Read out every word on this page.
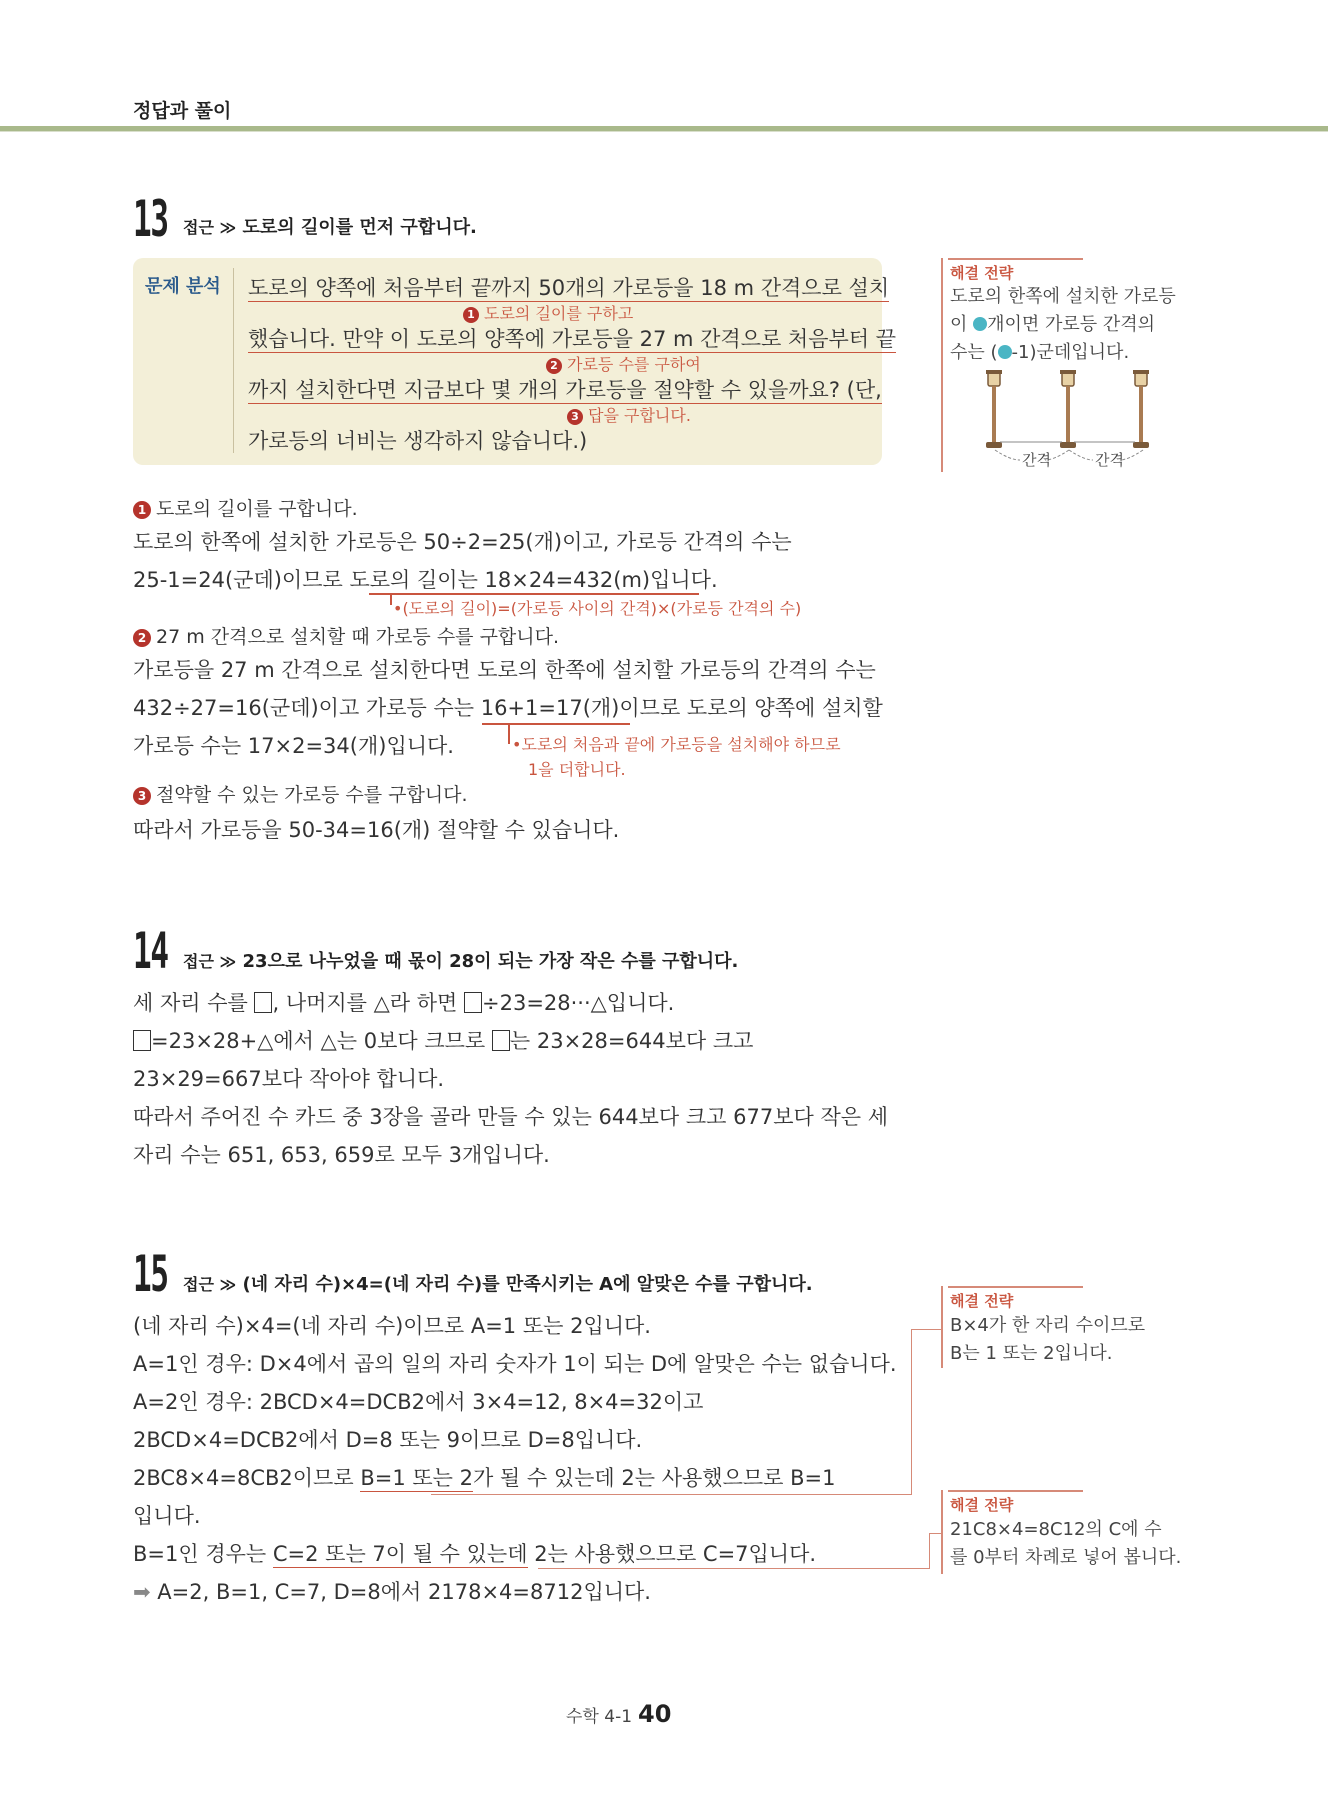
정답과 풀이
13 접근 ≫ 도로의 길이를 먼저 구합니다.
문제 분석 도로의 양쪽에 처음부터 끝까지 50개의 가로등을 18 m 간격으로 설치
1 도로의 길이를 구하고
했습니다. 만약 이 도로의 양쪽에 가로등을 27 m 간격으로 처음부터 끝
2 가로등 수를 구하여
까지 설치한다면 지금보다 몇 개의 가로등을 절약할 수 있을까요? (단,
3 답을 구합니다.
가로등의 너비는 생각하지 않습니다.)
해결 전략
도로의 한쪽에 설치한 가로등
이 개이면 가로등 간격의
수는 ( -1)군데입니다.
간격	간격
1 도로의 길이를 구합니다.
도로의 한쪽에 설치한 가로등은 50÷2=25(개)이고, 가로등 간격의 수는
25-1=24(군데)이므로 도로의 길이는 18×24=432(m)입니다.
•(도로의 길이)=(가로등 사이의 간격)×(가로등 간격의 수)
2 27 m 간격으로 설치할 때 가로등 수를 구합니다.
가로등을 27 m 간격으로 설치한다면 도로의 한쪽에 설치할 가로등의 간격의 수는
432÷27=16(군데)이고 가로등 수는 16+1=17(개)이므로 도로의 양쪽에 설치할
가로등 수는 17×2=34(개)입니다.	•도로의 처음과 끝에 가로등을 설치해야 하므로
1을 더합니다.
3 절약할 수 있는 가로등 수를 구합니다.
따라서 가로등을 50-34=16(개) 절약할 수 있습니다.
14 접근 ≫ 23으로 나누었을 때 몫이 28이 되는 가장 작은 수를 구합니다.
세 자리 수를 , 나머지를 △라 하면 ÷23=28···△입니다.
=23×28+△에서 △는 0보다 크므로 는 23×28=644보다 크고
23×29=667보다 작아야 합니다.
따라서 주어진 수 카드 중 3장을 골라 만들 수 있는 644보다 크고 677보다 작은 세
자리 수는 651, 653, 659로 모두 3개입니다.
15 접근 ≫ (네 자리 수)×4=(네 자리 수)를 만족시키는 A에 알맞은 수를 구합니다.
(네 자리 수)×4=(네 자리 수)이므로 A=1 또는 2입니다.
A=1인 경우: D×4에서 곱의 일의 자리 숫자가 1이 되는 D에 알맞은 수는 없습니다.
A=2인 경우: 2BCD×4=DCB2에서 3×4=12, 8×4=32이고
2BCD×4=DCB2에서 D=8 또는 9이므로 D=8입니다.
2BC8×4=8CB2이므로 B=1 또는 2가 될 수 있는데 2는 사용했으므로 B=1
입니다.
B=1인 경우는 C=2 또는 7이 될 수 있는데 2는 사용했으므로 C=7입니다.
➡ A=2, B=1, C=7, D=8에서 2178×4=8712입니다.
해결 전략
B×4가 한 자리 수이므로
B는 1 또는 2입니다.
해결 전략
21C8×4=8C12의 C에 수
를 0부터 차례로 넣어 봅니다.
수학 4-1 40
